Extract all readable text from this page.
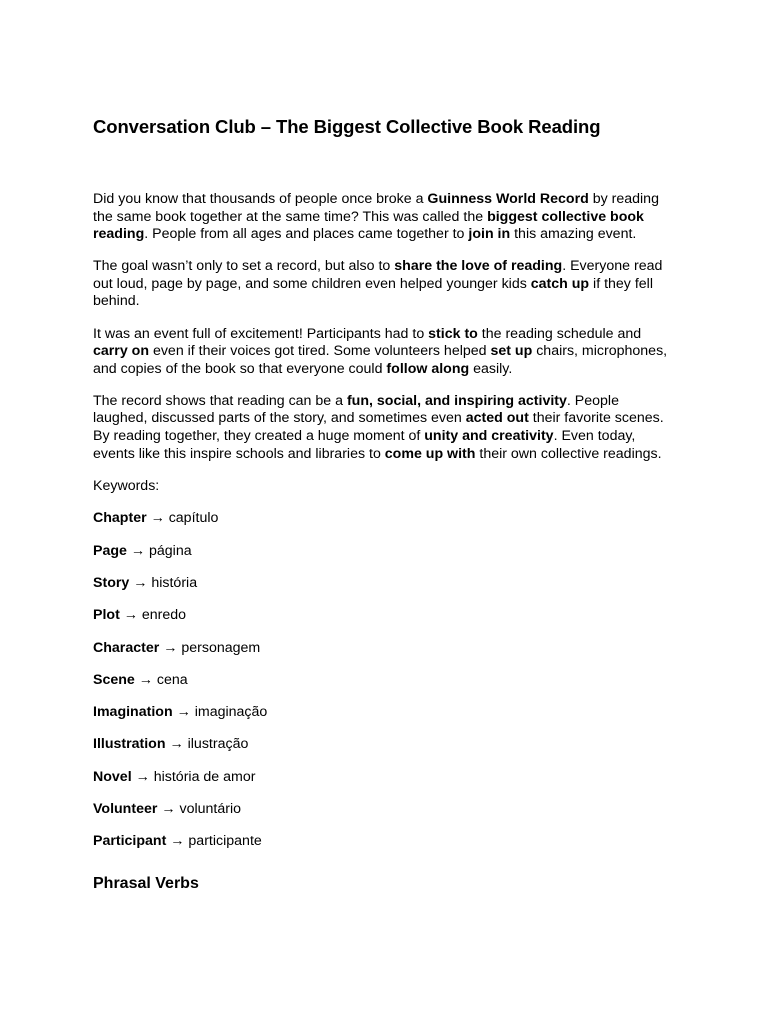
Conversation Club – The Biggest Collective Book Reading

Did you know that thousands of people once broke a Guinness World Record by reading the same book together at the same time? This was called the biggest collective book reading. People from all ages and places came together to join in this amazing event.

The goal wasn’t only to set a record, but also to share the love of reading. Everyone read out loud, page by page, and some children even helped younger kids catch up if they fell behind.

It was an event full of excitement! Participants had to stick to the reading schedule and carry on even if their voices got tired. Some volunteers helped set up chairs, microphones, and copies of the book so that everyone could follow along easily.

The record shows that reading can be a fun, social, and inspiring activity. People laughed, discussed parts of the story, and sometimes even acted out their favorite scenes. By reading together, they created a huge moment of unity and creativity. Even today, events like this inspire schools and libraries to come up with their own collective readings.

Keywords:

Chapter → capítulo
Page → página
Story → história
Plot → enredo
Character → personagem
Scene → cena
Imagination → imaginação
Illustration → ilustração
Novel → história de amor
Volunteer → voluntário
Participant → participante
Phrasal Verbs
